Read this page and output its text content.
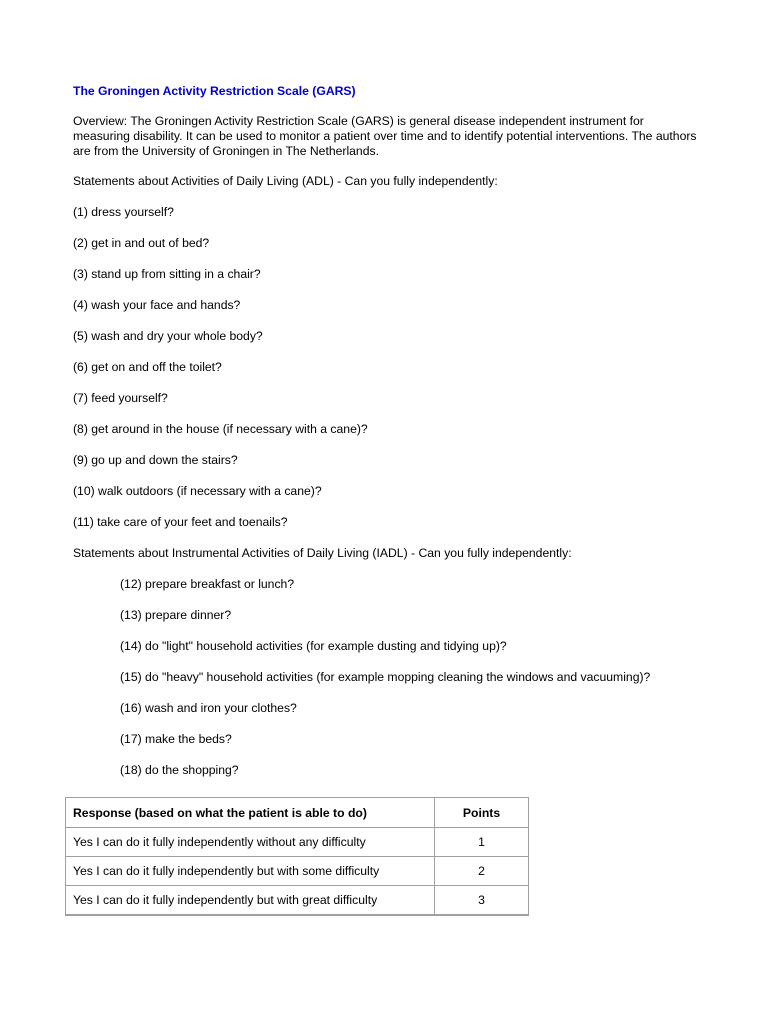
The Groningen Activity Restriction Scale (GARS)

Overview: The Groningen Activity Restriction Scale (GARS) is general disease independent instrument for measuring disability. It can be used to monitor a patient over time and to identify potential interventions. The authors are from the University of Groningen in The Netherlands.

Statements about Activities of Daily Living (ADL) - Can you fully independently:

(1) dress yourself?

(2) get in and out of bed?

(3) stand up from sitting in a chair?

(4) wash your face and hands?

(5) wash and dry your whole body?

(6) get on and off the toilet?

(7) feed yourself?

(8) get around in the house (if necessary with a cane)?

(9) go up and down the stairs?

(10) walk outdoors (if necessary with a cane)?

(11) take care of your feet and toenails?

Statements about Instrumental Activities of Daily Living (IADL) - Can you fully independently:

(12) prepare breakfast or lunch?

(13) prepare dinner?

(14) do "light" household activities (for example dusting and tidying up)?

(15) do "heavy" household activities (for example mopping cleaning the windows and vacuuming)?

(16) wash and iron your clothes?

(17) make the beds?

(18) do the shopping?

Response (based on what the patient is able to do)	Points
Yes I can do it fully independently without any difficulty	1
Yes I can do it fully independently but with some difficulty	2
Yes I can do it fully independently but with great difficulty	3
